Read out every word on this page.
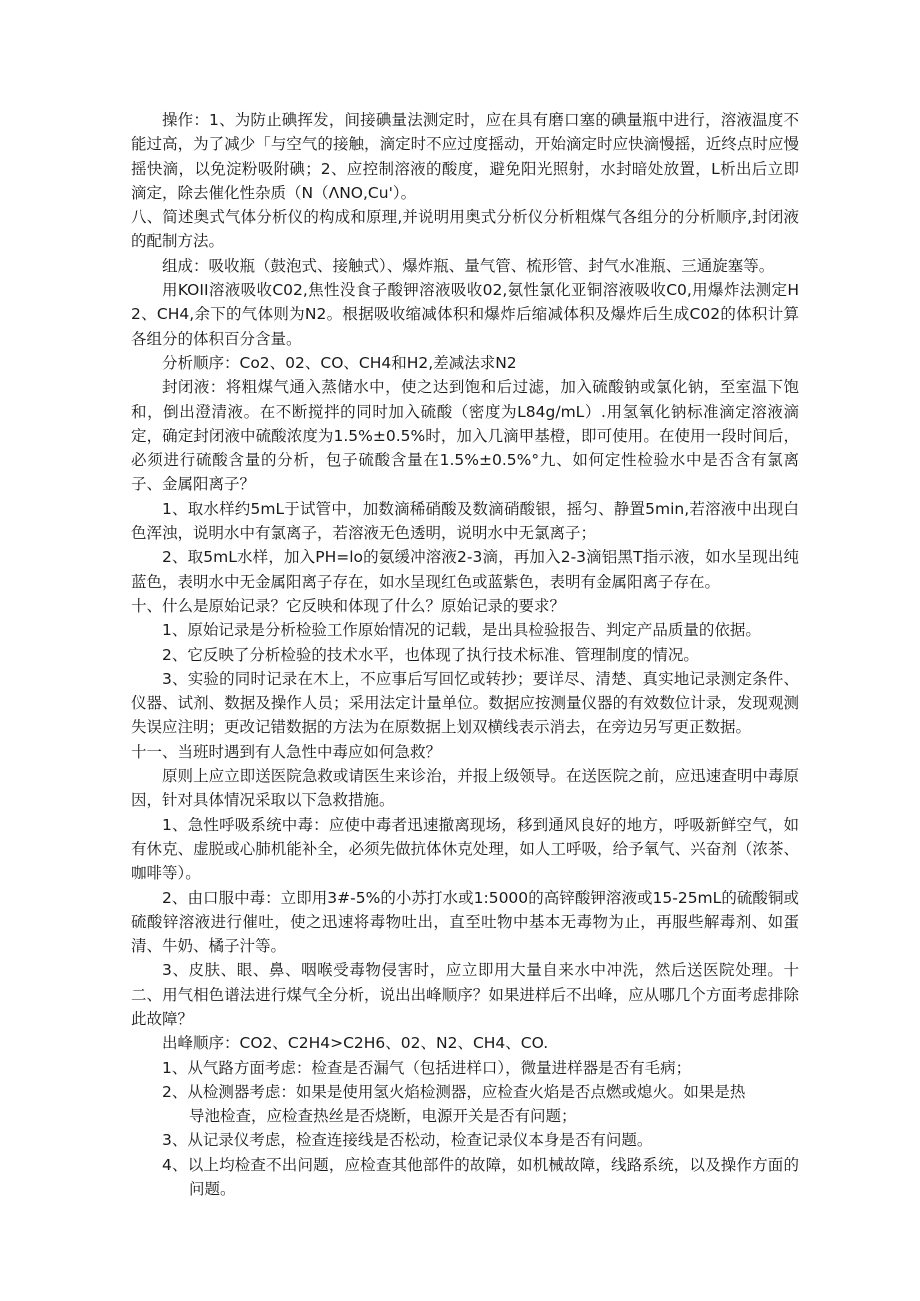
操作：1、为防止碘挥发，间接碘量法测定时，应在具有磨口塞的碘量瓶中进行，溶液温度不能过高，为了减少「与空气的接触，滴定时不应过度摇动，开始滴定时应快滴慢摇，近终点时应慢摇快滴，以免淀粉吸附碘；2、应控制溶液的酸度，避免阳光照射，水封暗处放置，L析出后立即滴定，除去催化性杂质（N（ΛNO,Cu'）。

八、简述奥式气体分析仪的构成和原理,并说明用奥式分析仪分析粗煤气各组分的分析顺序,封闭液的配制方法。

组成：吸收瓶（鼓泡式、接触式）、爆炸瓶、量气管、梳形管、封气水准瓶、三通旋塞等。

用KOII溶液吸收C02,焦性没食子酸钾溶液吸收02,氨性氯化亚铜溶液吸收C0,用爆炸法测定H2、CH4,余下的气体则为N2。根据吸收缩减体积和爆炸后缩减体积及爆炸后生成C02的体积计算各组分的体积百分含量。

分析顺序：Co2、02、CO、CH4和H2,差减法求N2

封闭液：将粗煤气通入蒸储水中，使之达到饱和后过滤，加入硫酸钠或氯化钠，至室温下饱和，倒出澄清液。在不断搅拌的同时加入硫酸（密度为L84g∕mL）.用氢氧化钠标准滴定溶液滴定，确定封闭液中硫酸浓度为1.5%±0.5%时，加入几滴甲基橙，即可使用。在使用一段时间后，必须进行硫酸含量的分析，包子硫酸含量在1.5%±0.5%°九、如何定性检验水中是否含有氯离子、金属阳离子？

1、取水样约5mL于试管中，加数滴稀硝酸及数滴硝酸银，摇匀、静置5min,若溶液中出现白色浑浊，说明水中有氯离子，若溶液无色透明，说明水中无氯离子；

2、取5mL水样，加入PH=lo的氨缓冲溶液2-3滴，再加入2-3滴铝黑T指示液，如水呈现出纯蓝色，表明水中无金属阳离子存在，如水呈现红色或蓝紫色，表明有金属阳离子存在。

十、什么是原始记录？它反映和体现了什么？原始记录的要求？

1、原始记录是分析检验工作原始情况的记载，是出具检验报告、判定产品质量的依据。

2、它反映了分析检验的技术水平，也体现了执行技术标准、管理制度的情况。

3、实验的同时记录在木上，不应事后写回忆或转抄；要详尽、清楚、真实地记录测定条件、仪器、试剂、数据及操作人员；采用法定计量单位。数据应按测量仪器的有效数位计录，发现观测失误应注明；更改记错数据的方法为在原数据上划双横线表示消去，在旁边另写更正数据。

十一、当班时遇到有人急性中毒应如何急救？

原则上应立即送医院急救或请医生来诊治，并报上级领导。在送医院之前，应迅速查明中毒原因，针对具体情况采取以下急救措施。

1、急性呼吸系统中毒：应使中毒者迅速撤离现场，移到通风良好的地方，呼吸新鲜空气，如有休克、虚脱或心肺机能补全，必须先做抗体休克处理，如人工呼吸，给予氧气、兴奋剂（浓茶、咖啡等）。

2、由口服中毒：立即用3#-5%的小苏打水或1:5000的高锌酸钾溶液或15-25mL的硫酸铜或硫酸锌溶液进行催吐，使之迅速将毒物吐出，直至吐物中基本无毒物为止，再服些解毒剂、如蛋清、牛奶、橘子汁等。

3、皮肤、眼、鼻、咽喉受毒物侵害时，应立即用大量自来水中冲洗，然后送医院处理。十二、用气相色谱法进行煤气全分析，说出出峰顺序？如果进样后不出峰，应从哪几个方面考虑排除此故障？

出峰顺序：CO2、C2H4>C2H6、02、N2、CH4、CO.

1、从气路方面考虑：检查是否漏气（包括进样口），微量进样器是否有毛病；

2、从检测器考虑：如果是使用氢火焰检测器，应检查火焰是否点燃或熄火。如果是热

导池检查，应检查热丝是否烧断，电源开关是否有问题；

3、从记录仪考虑，检查连接线是否松动，检查记录仪本身是否有问题。

4、以上均检查不出问题，应检查其他部件的故障，如机械故障，线路系统，以及操作方面的问题。
